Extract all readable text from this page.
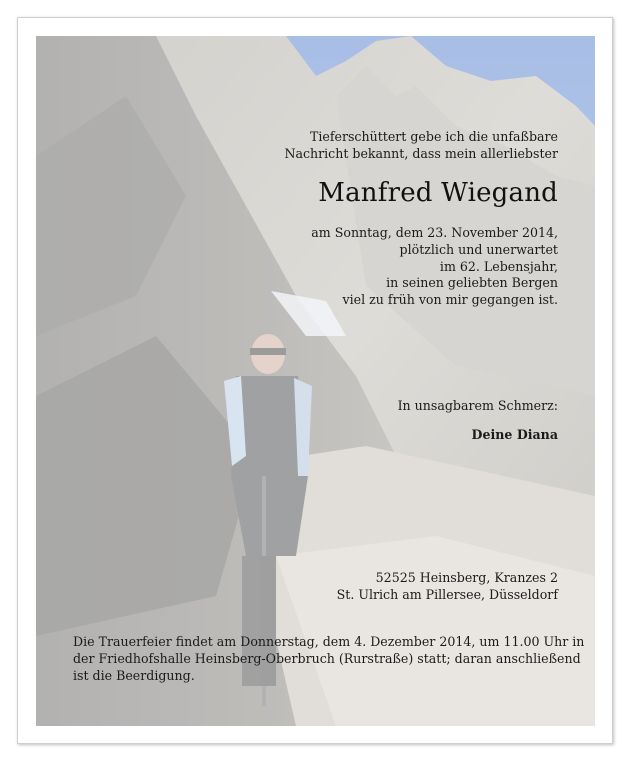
Tieferschüttert gebe ich die unfaßbare
Nachricht bekannt, dass mein allerliebster
Manfred Wiegand
am Sonntag, dem 23. November 2014,
plötzlich und unerwartet
im 62. Lebensjahr,
in seinen geliebten Bergen
viel zu früh von mir gegangen ist.
In unsagbarem Schmerz:
Deine Diana
52525 Heinsberg, Kranzes 2
St. Ulrich am Pillersee, Düsseldorf
Die Trauerfeier findet am Donnerstag, dem 4. Dezember 2014, um 11.00 Uhr in
der Friedhofshalle Heinsberg-Oberbruch (Rurstraße) statt; daran anschließend
ist die Beerdigung.
